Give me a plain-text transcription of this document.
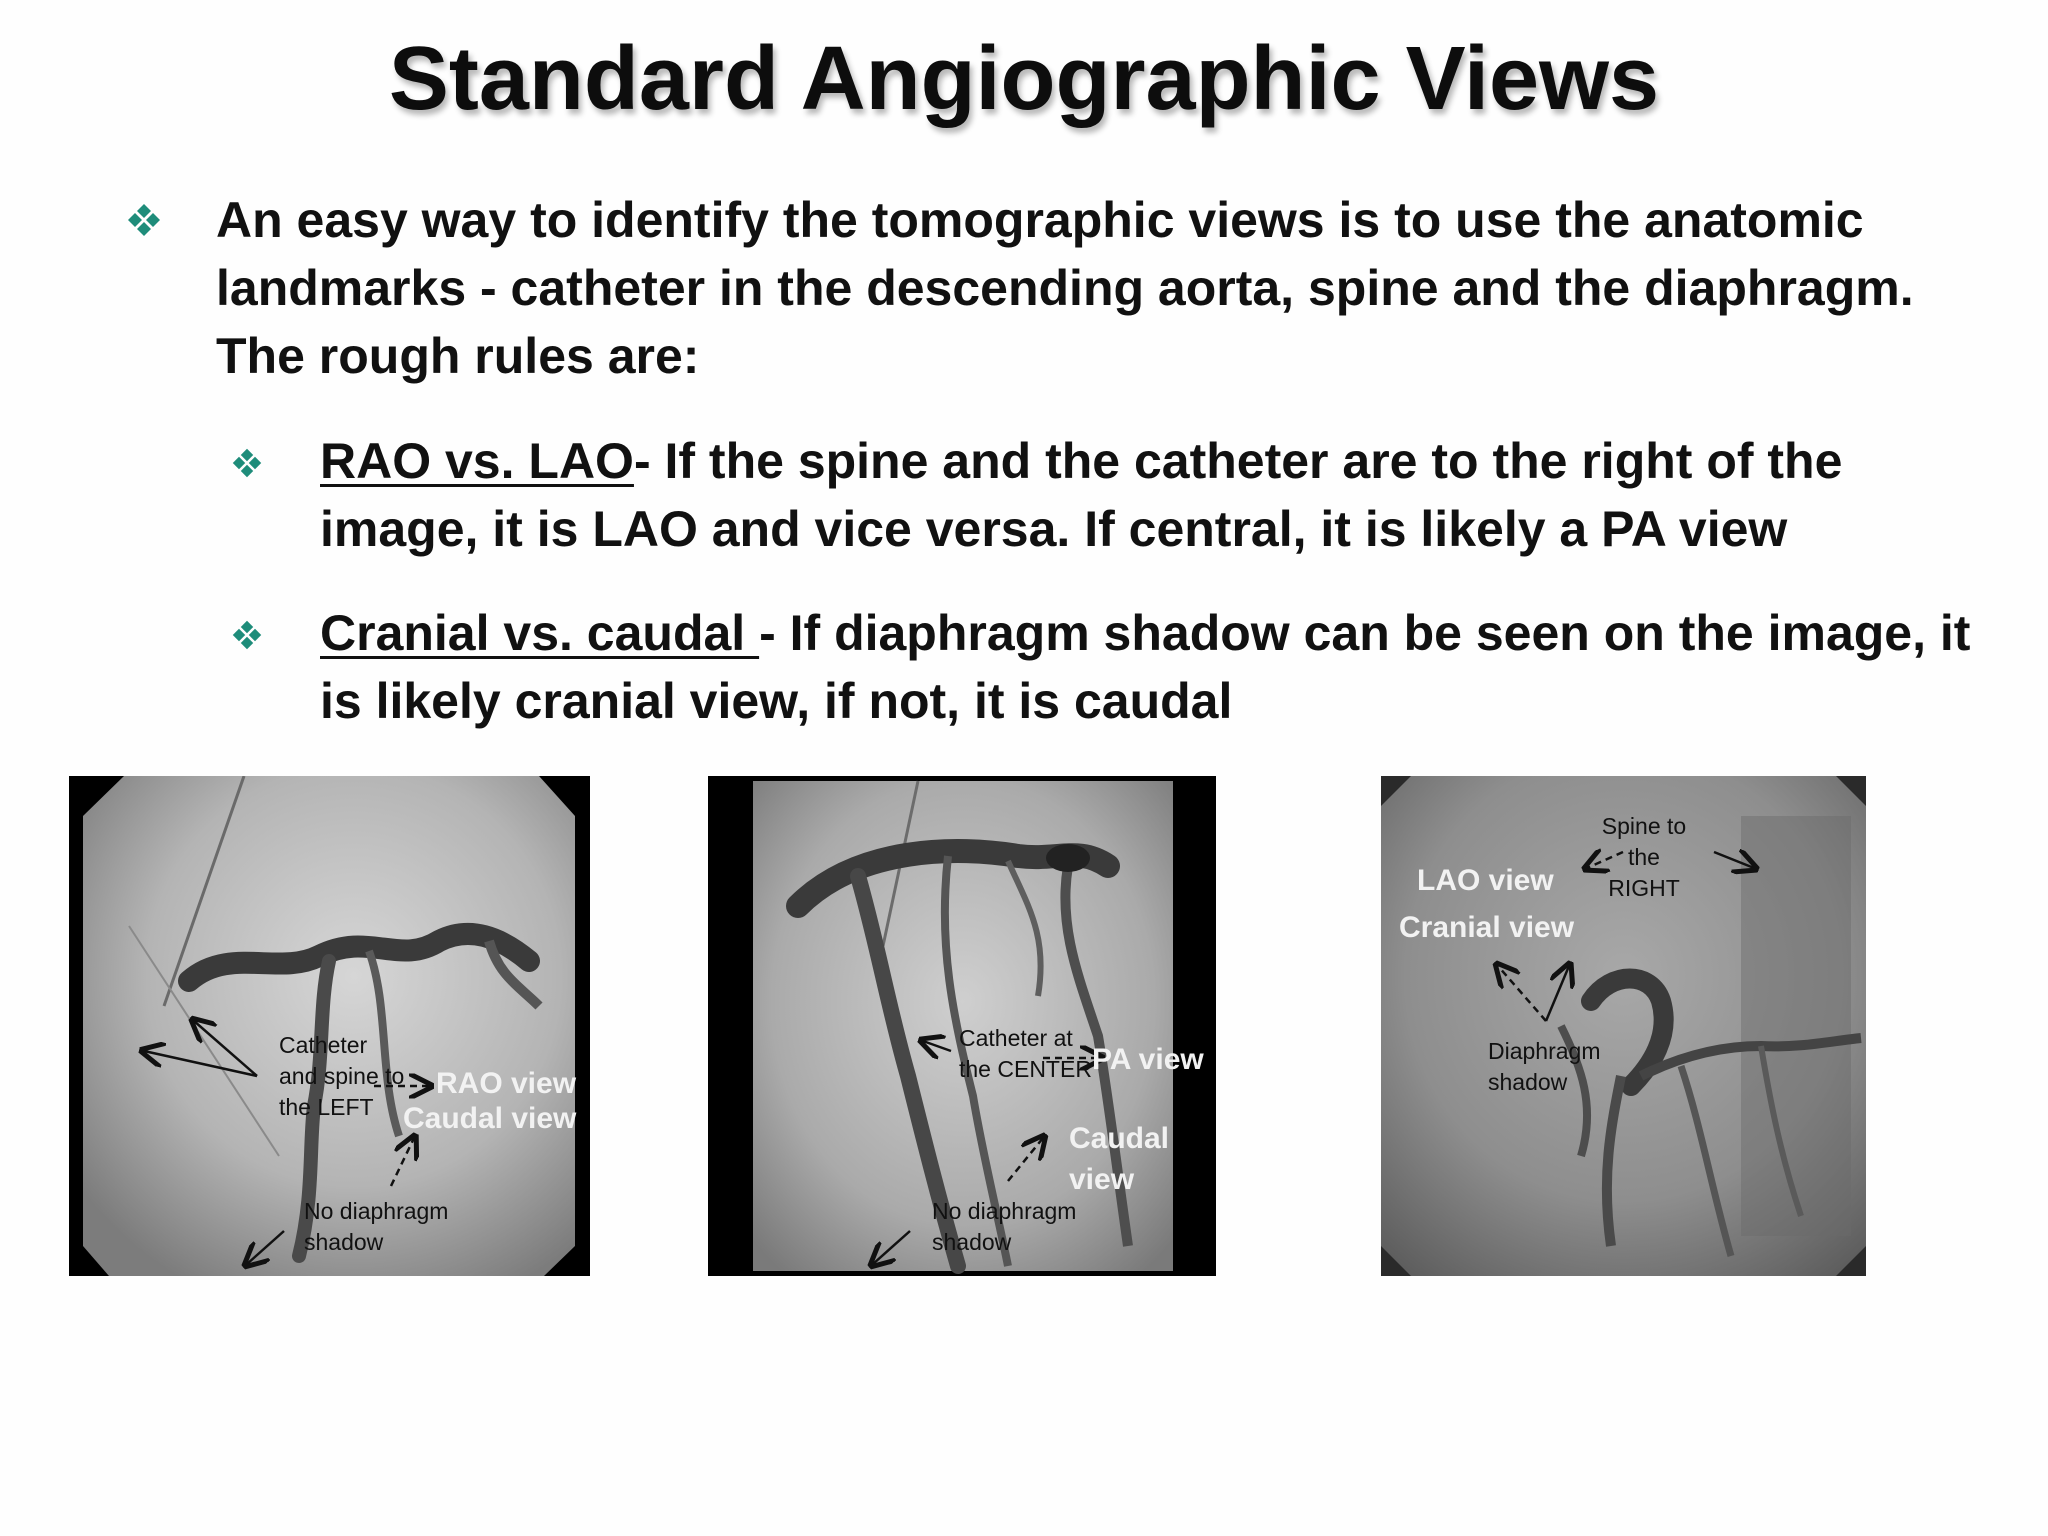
Standard Angiographic Views
An easy way to identify the tomographic views is to use the anatomic
landmarks - catheter in the descending aorta, spine and the diaphragm.
The rough rules are:
RAO vs. LAO- If the spine and the catheter are to the right of the
image, it is LAO and vice versa. If central, it is likely a PA view
Cranial vs. caudal - If diaphragm shadow can be seen on the image, it
is likely cranial view, if not, it is caudal
Catheter
and spine to
the LEFT
RAO view
Caudal view
No diaphragm
shadow
Catheter at
the CENTER PA view
Caudal
view
No diaphragm
shadow
Spine to
the
RIGHT
LAO view
Cranial view
Diaphragm
shadow
